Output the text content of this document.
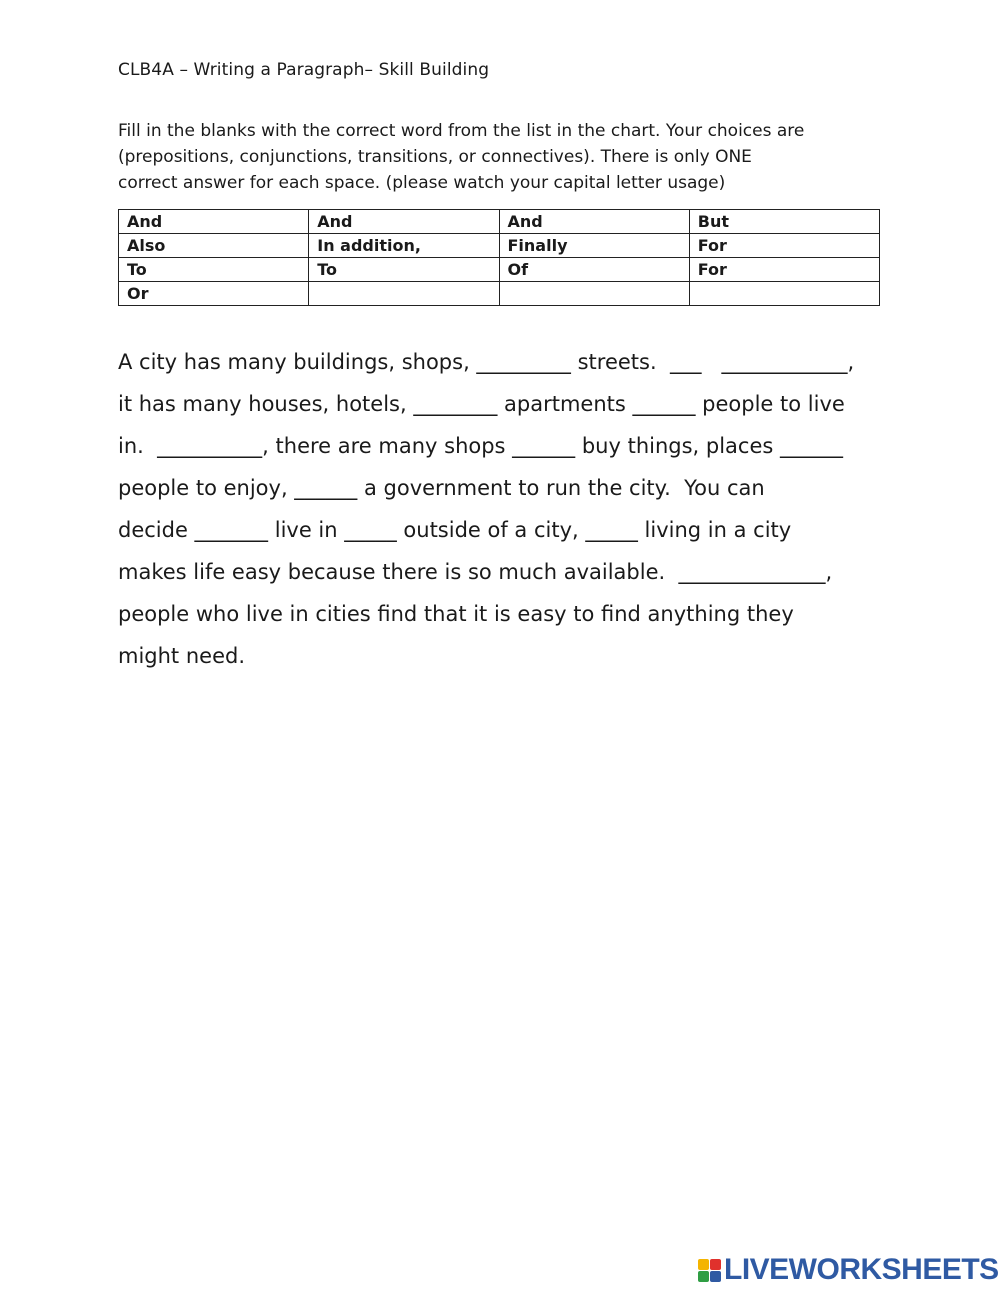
CLB4A – Writing a Paragraph– Skill Building
Fill in the blanks with the correct word from the list in the chart. Your choices are
(prepositions, conjunctions, transitions, or connectives). There is only ONE
correct answer for each space. (please watch your capital letter usage)
And	And	And	But
Also	In addition,	Finally	For
To	To	Of	For
Or			
A city has many buildings, shops, _________ streets.  ___   ____________,
it has many houses, hotels, ________ apartments ______ people to live
in.  __________, there are many shops ______ buy things, places ______
people to enjoy, ______ a government to run the city.  You can
decide _______ live in _____ outside of a city, _____ living in a city
makes life easy because there is so much available.  ______________,
people who live in cities find that it is easy to find anything they
might need.
LIVEWORKSHEETS
